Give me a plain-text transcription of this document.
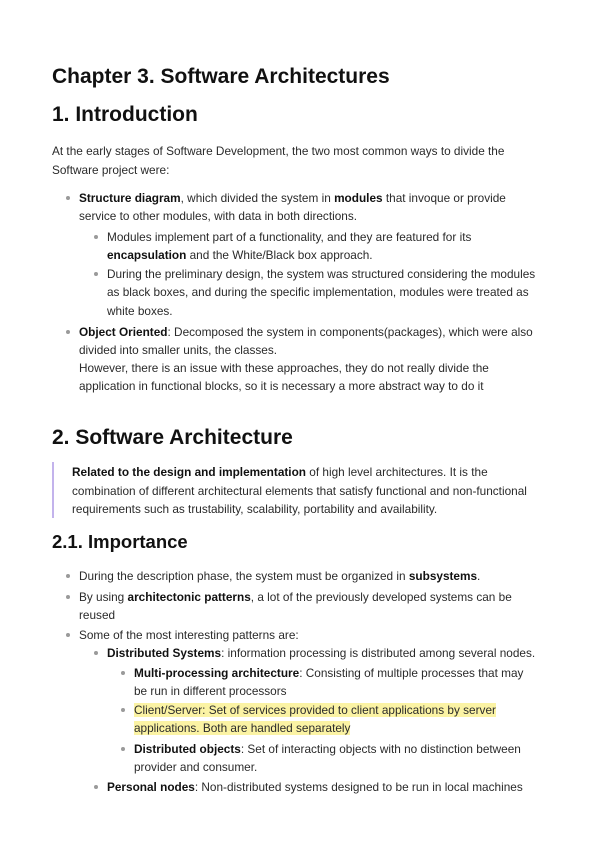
Chapter 3. Software Architectures
1. Introduction
At the early stages of Software Development, the two most common ways to divide the
Software project were:
Structure diagram, which divided the system in modules that invoque or provide
service to other modules, with data in both directions.
Modules implement part of a functionality, and they are featured for its
encapsulation and the White/Black box approach.
During the preliminary design, the system was structured considering the modules
as black boxes, and during the specific implementation, modules were treated as
white boxes.
Object Oriented: Decomposed the system in components(packages), which were also
divided into smaller units, the classes.
However, there is an issue with these approaches, they do not really divide the
application in functional blocks, so it is necessary a more abstract way to do it
2. Software Architecture
Related to the design and implementation of high level architectures. It is the
combination of different architectural elements that satisfy functional and non-functional
requirements such as trustability, scalability, portability and availability.
2.1. Importance
During the description phase, the system must be organized in subsystems.
By using architectonic patterns, a lot of the previously developed systems can be
reused
Some of the most interesting patterns are:
Distributed Systems: information processing is distributed among several nodes.
Multi-processing architecture: Consisting of multiple processes that may
be run in different processors
Client/Server: Set of services provided to client applications by server
applications. Both are handled separately
Distributed objects: Set of interacting objects with no distinction between
provider and consumer.
Personal nodes: Non-distributed systems designed to be run in local machines
